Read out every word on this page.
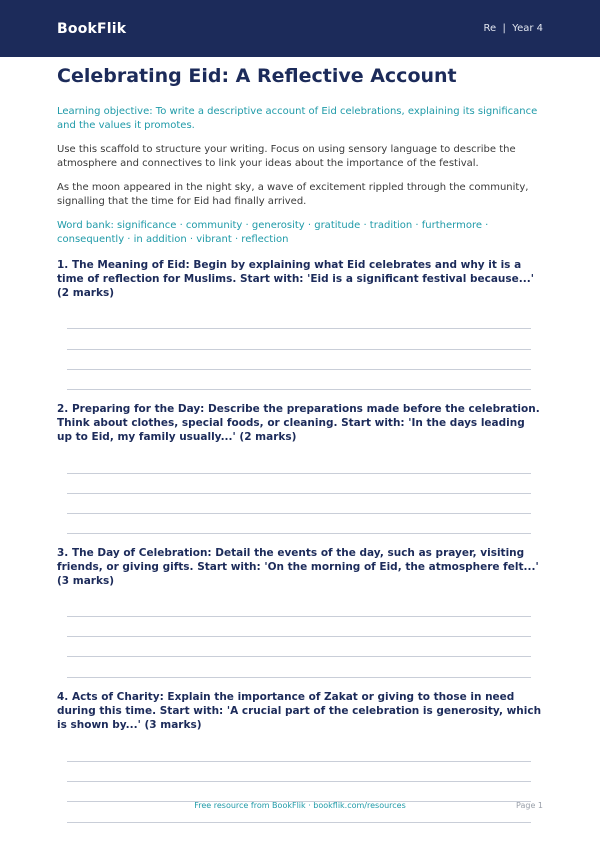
BookFlik	Re  |  Year 4
Celebrating Eid: A Reflective Account

Learning objective: To write a descriptive account of Eid celebrations, explaining its significance and the values it promotes.

Use this scaffold to structure your writing. Focus on using sensory language to describe the atmosphere and connectives to link your ideas about the importance of the festival.

As the moon appeared in the night sky, a wave of excitement rippled through the community, signalling that the time for Eid had finally arrived.

Word bank: significance · community · generosity · gratitude · tradition · furthermore · consequently · in addition · vibrant · reflection

1. The Meaning of Eid: Begin by explaining what Eid celebrates and why it is a time of reflection for Muslims. Start with: 'Eid is a significant festival because...' (2 marks)

2. Preparing for the Day: Describe the preparations made before the celebration. Think about clothes, special foods, or cleaning. Start with: 'In the days leading up to Eid, my family usually...' (2 marks)

3. The Day of Celebration: Detail the events of the day, such as prayer, visiting friends, or giving gifts. Start with: 'On the morning of Eid, the atmosphere felt...' (3 marks)

4. Acts of Charity: Explain the importance of Zakat or giving to those in need during this time. Start with: 'A crucial part of the celebration is generosity, which is shown by...' (3 marks)

Free resource from BookFlik · bookflik.com/resources	Page 1
